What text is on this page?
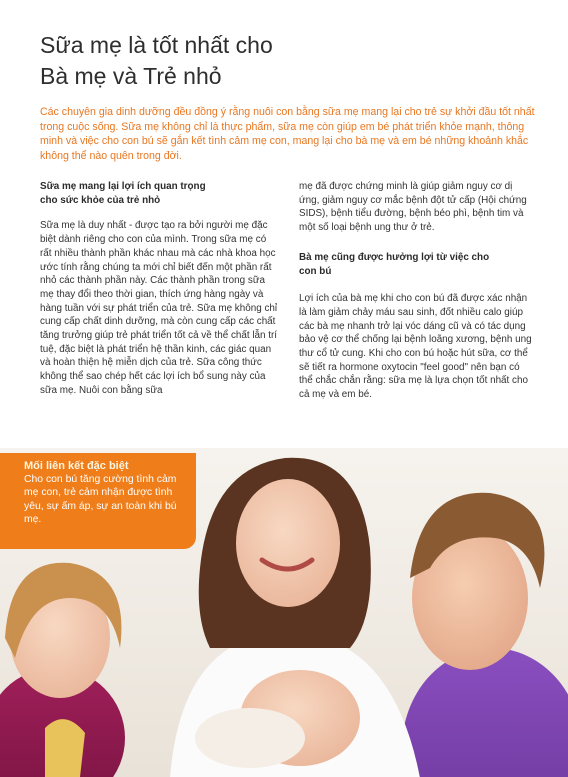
Sữa mẹ là tốt nhất cho
Bà mẹ và Trẻ nhỏ
Các chuyên gia dinh dưỡng đều đồng ý rằng nuôi con bằng sữa mẹ mang lại cho trẻ sự khởi đầu tốt nhất trong cuộc sống. Sữa mẹ không chỉ là thực phẩm, sữa mẹ còn giúp em bé phát triển khỏe mạnh, thông minh và việc cho con bú sẽ gắn kết tình cảm mẹ con, mang lại cho bà mẹ và em bé những khoảnh khắc không thể nào quên trong đời.
Sữa mẹ mang lại lợi ích quan trọng
cho sức khỏe của trẻ nhỏ

Sữa mẹ là duy nhất - được tạo ra bởi người mẹ đặc biệt dành riêng cho con của mình. Trong sữa mẹ có rất nhiều thành phần khác nhau mà các nhà khoa học ước tính rằng chúng ta mới chỉ biết đến một phần rất nhỏ các thành phần này. Các thành phần trong sữa mẹ thay đổi theo thời gian, thích ứng hàng ngày và hàng tuần với sự phát triển của trẻ. Sữa mẹ không chỉ cung cấp chất dinh dưỡng, mà còn cung cấp các chất tăng trưởng giúp trẻ phát triển tốt cả về thể chất lẫn trí tuệ, đặc biệt là phát triển hệ thần kinh, các giác quan và hoàn thiện hệ miễn dịch của trẻ. Sữa công thức không thể sao chép hết các lợi ích bổ sung này của sữa mẹ. Nuôi con bằng sữa

mẹ đã được chứng minh là giúp giảm nguy cơ dị ứng, giảm nguy cơ mắc bệnh đột tử cấp (Hội chứng SIDS), bệnh tiểu đường, bệnh béo phì, bệnh tim và một số loại bệnh ung thư ở trẻ.

Bà mẹ cũng được hưởng lợi từ việc cho
con bú

Lợi ích của bà mẹ khi cho con bú đã được xác nhận là làm giảm chảy máu sau sinh, đốt nhiều calo giúp các bà mẹ nhanh trở lại vóc dáng cũ và có tác dụng bảo vệ cơ thể chống lại bệnh loãng xương, bệnh ung thư cổ tử cung. Khi cho con bú hoặc hút sữa, cơ thể sẽ tiết ra hormone oxytocin "feel good" nên bạn có thể chắc chắn rằng: sữa mẹ là lựa chọn tốt nhất cho cả mẹ và em bé.

Mối liên kết đặc biệt
Cho con bú tăng cường tình cảm mẹ con, trẻ cảm nhận được tình yêu, sự ấm áp, sự an toàn khi bú mẹ.
